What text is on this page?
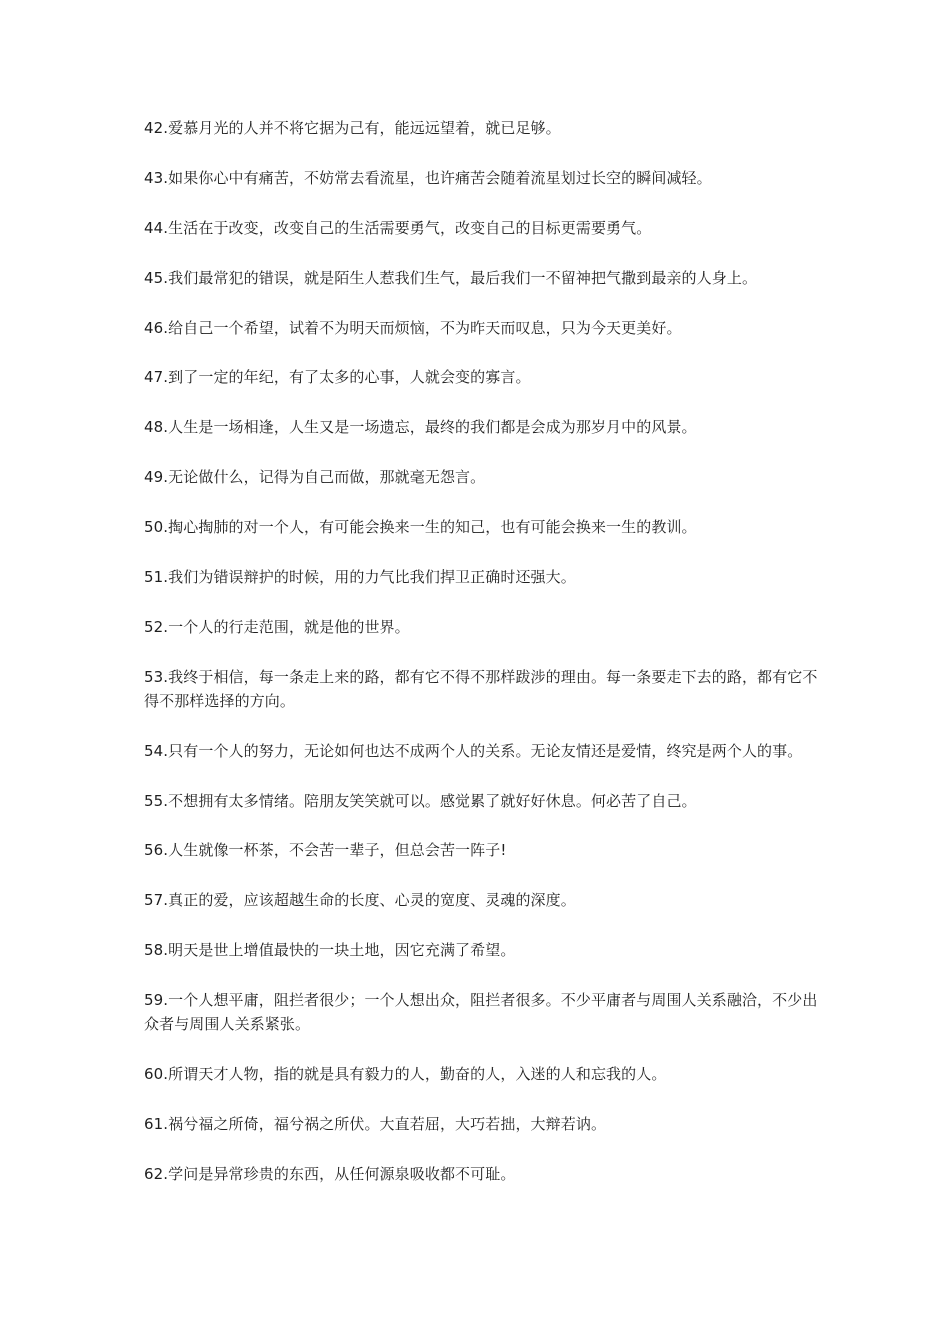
42.爱慕月光的人并不将它据为己有，能远远望着，就已足够。
43.如果你心中有痛苦，不妨常去看流星，也许痛苦会随着流星划过长空的瞬间减轻。
44.生活在于改变，改变自己的生活需要勇气，改变自己的目标更需要勇气。
45.我们最常犯的错误，就是陌生人惹我们生气，最后我们一不留神把气撒到最亲的人身上。
46.给自己一个希望，试着不为明天而烦恼，不为昨天而叹息，只为今天更美好。
47.到了一定的年纪，有了太多的心事，人就会变的寡言。
48.人生是一场相逢，人生又是一场遗忘，最终的我们都是会成为那岁月中的风景。
49.无论做什么，记得为自己而做，那就毫无怨言。
50.掏心掏肺的对一个人，有可能会换来一生的知己，也有可能会换来一生的教训。
51.我们为错误辩护的时候，用的力气比我们捍卫正确时还强大。
52.一个人的行走范围，就是他的世界。
53.我终于相信，每一条走上来的路，都有它不得不那样跋涉的理由。每一条要走下去的路，都有它不得不那样选择的方向。
54.只有一个人的努力，无论如何也达不成两个人的关系。无论友情还是爱情，终究是两个人的事。
55.不想拥有太多情绪。陪朋友笑笑就可以。感觉累了就好好休息。何必苦了自己。
56.人生就像一杯茶，不会苦一辈子，但总会苦一阵子!
57.真正的爱，应该超越生命的长度、心灵的宽度、灵魂的深度。
58.明天是世上增值最快的一块土地，因它充满了希望。
59.一个人想平庸，阻拦者很少；一个人想出众，阻拦者很多。不少平庸者与周围人关系融洽，不少出众者与周围人关系紧张。
60.所谓天才人物，指的就是具有毅力的人，勤奋的人，入迷的人和忘我的人。
61.祸兮福之所倚，福兮祸之所伏。大直若屈，大巧若拙，大辩若讷。
62.学问是异常珍贵的东西，从任何源泉吸收都不可耻。
